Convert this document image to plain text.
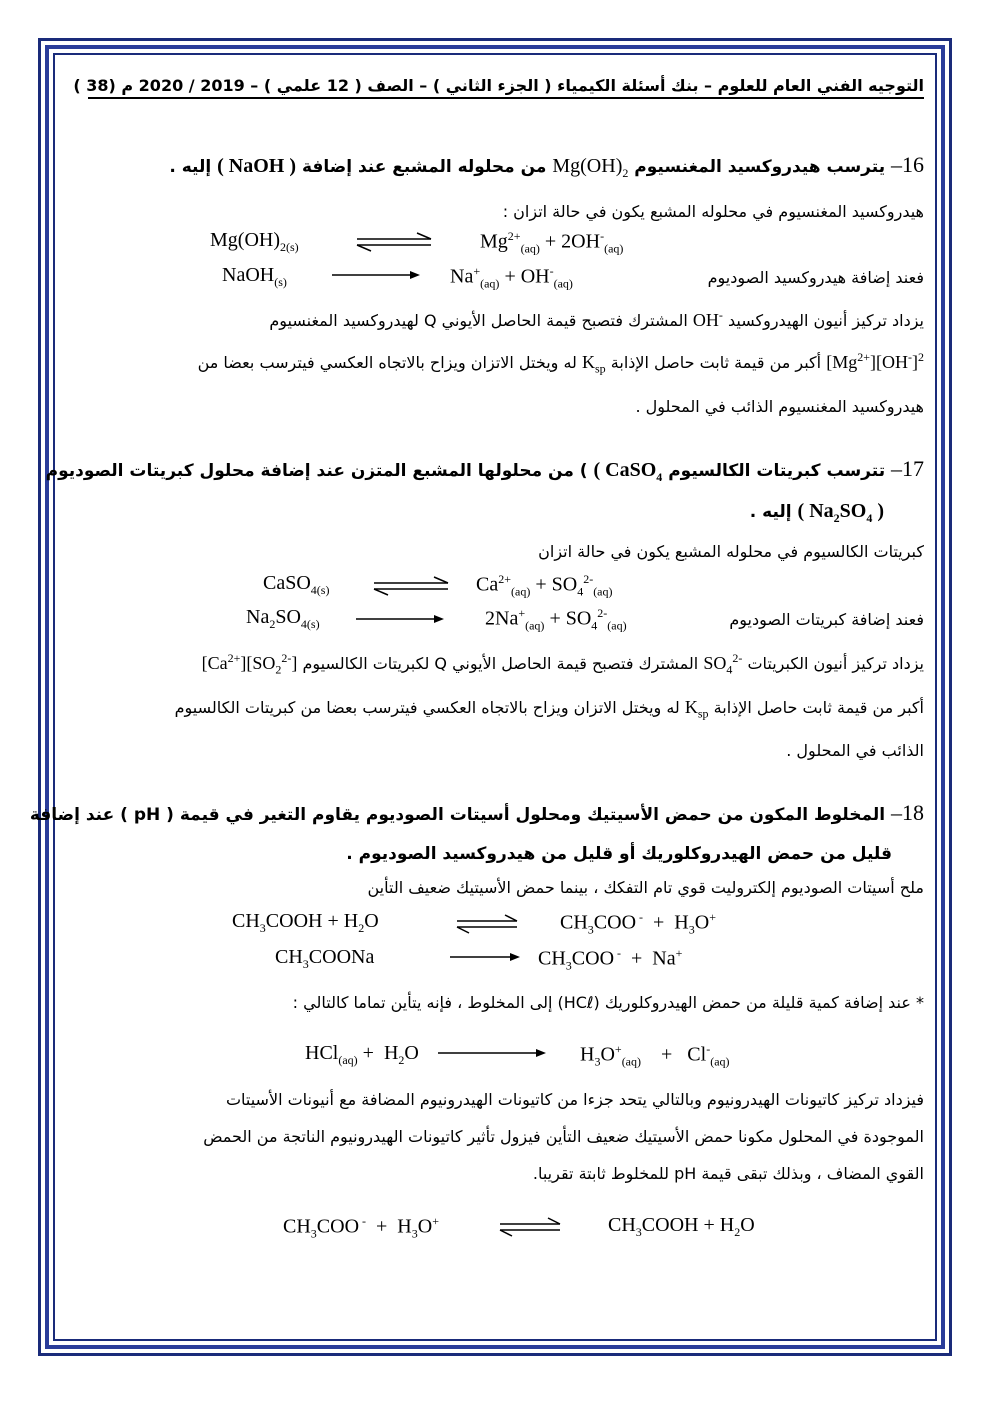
التوجيه الفني العام للعلوم – بنك أسئلة الكيمياء ( الجزء الثاني ) – الصف ( 12 علمي ) – 2019 / 2020 م (38 )
16– يترسب هيدروكسيد المغنسيوم $Mg(OH)_2$ من محلوله المشبع عند إضافة ( NaOH ) إليه .
هيدروكسيد المغنسيوم في محلوله المشبع يكون في حالة اتزان :
$Mg(OH)_{2(s)}$	$Mg^{2+}_{(aq)} + 2OH^-_{(aq)}$
NaOH$_{(s)}$	$Na^+_{(aq)} + OH^-_{(aq)}$	فعند إضافة هيدروكسيد الصوديوم
يزداد تركيز أنيون الهيدروكسيد OH- المشترك فتصبح قيمة الحاصل الأيوني Q لهيدروكسيد المغنسيوم
$[Mg^{2+}][OH^-]^2$ أكبر من قيمة ثابت حاصل الإذابة $K_{sp}$ له ويختل الاتزان ويزاح بالاتجاه العكسي فيترسب بعضا من
هيدروكسيد المغنسيوم الذائب في المحلول .
17– تترسب كبريتات الكالسيوم ( CaSO$_4$ ) من محلولها المشبع المتزن عند إضافة محلول كبريتات الصوديوم
( $Na_2SO_4$ ) إليه .
كبريتات الكالسيوم في محلوله المشبع يكون في حالة اتزان
CaSO$_{4(s)}$	$Ca^{2+}_{(aq)} + SO_4^{2-}_{(aq)}$
$Na_2SO_{4(s)}$	$2Na^+_{(aq)} + SO_4^{2-}_{(aq)}$	فعند إضافة كبريتات الصوديوم
يزداد تركيز أنيون الكبريتات $SO_4^{2-}$ المشترك فتصبح قيمة الحاصل الأيوني Q لكبريتات الكالسيوم $[Ca^{2+}][SO_2^{2-}]$
أكبر من قيمة ثابت حاصل الإذابة $K_{sp}$ له ويختل الاتزان ويزاح بالاتجاه العكسي فيترسب بعضا من كبريتات الكالسيوم
الذائب في المحلول .
18– المخلوط المكون من حمض الأسيتيك ومحلول أسيتات الصوديوم يقاوم التغير في قيمة ( pH ) عند إضافة
قليل من حمض الهيدروكلوريك أو قليل من هيدروكسيد الصوديوم .
ملح أسيتات الصوديوم إلكتروليت قوي تام التفكك ، بينما حمض الأسيتيك ضعيف التأين
$CH_3COOH + H_2O$	$CH_3COO$ $^- + H_3O^+$
$CH_3COONa$	$CH_3COO$ -  +  Na+
* عند إضافة كمية قليلة من حمض الهيدروكلوريك (HCℓ) إلى المخلوط ، فإنه يتأين تماما كالتالي :
$HCl_{(aq)} + H_2O$	$H_3O^+_{(aq)}$    +   $Cl^-_{(aq)}$
فيزداد تركيز كاتيونات الهيدرونيوم وبالتالي يتحد جزءا من كاتيونات الهيدرونيوم المضافة مع أنيونات الأسيتات
الموجودة في المحلول مكونا حمض الأسيتيك ضعيف التأين فيزول تأثير كاتيونات الهيدرونيوم الناتجة من الحمض
القوي المضاف ، وبذلك تبقى قيمة pH للمخلوط ثابتة تقريبا.
$CH_3COO$ $^- + H_3O^+$	$CH_3COOH + H_2O$
